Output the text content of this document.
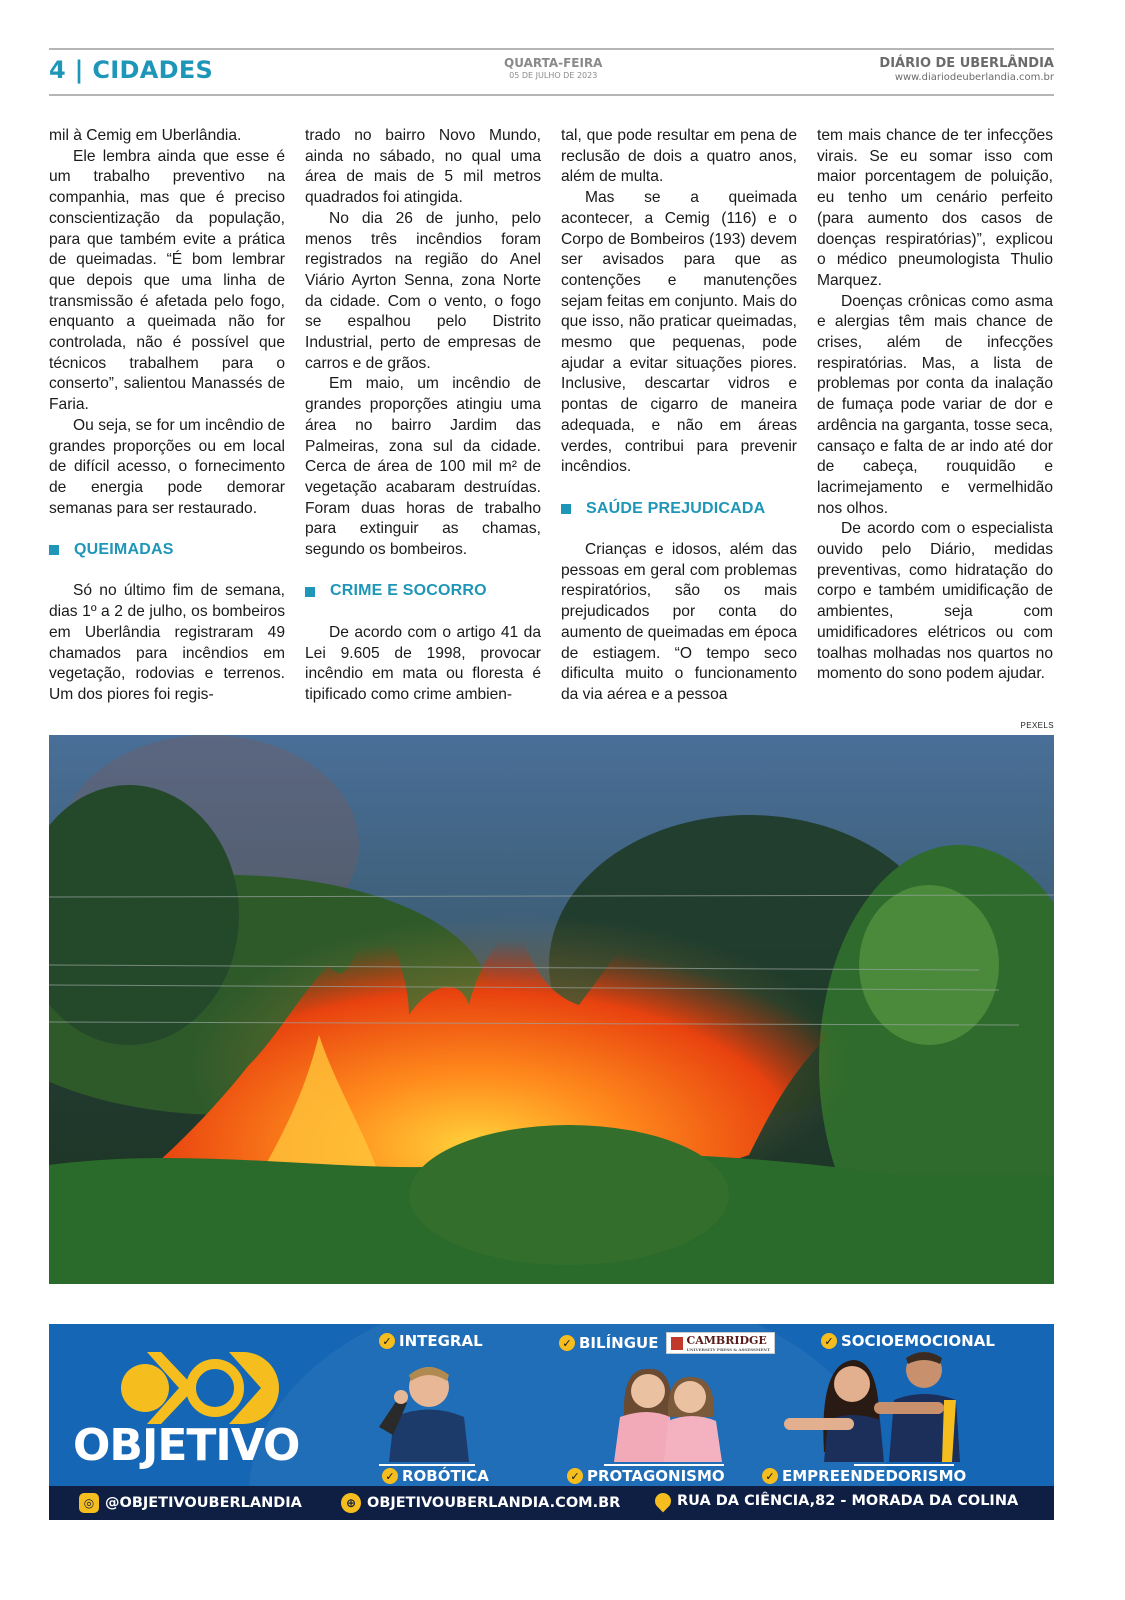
4 | CIDADES	QUARTA-FEIRA
05 DE JULHO DE 2023
DIÁRIO DE UBERLÂNDIA
www.diariodeuberlandia.com.br

mil à Cemig em Uberlândia.

Ele lembra ainda que esse é um trabalho preventivo na companhia, mas que é preciso conscientização da população, para que também evite a prática de queimadas. “É bom lembrar que depois que uma linha de transmissão é afetada pelo fogo, enquanto a queimada não for controlada, não é possível que técnicos trabalhem para o conserto”, salientou Manassés de Faria.

Ou seja, se for um incêndio de grandes proporções ou em local de difícil acesso, o fornecimento de energia pode demorar semanas para ser restaurado.

QUEIMADAS

Só no último fim de semana, dias 1º a 2 de julho, os bombeiros em Uberlândia registraram 49 chamados para incêndios em vegetação, rodovias e terrenos. Um dos piores foi regis-

trado no bairro Novo Mundo, ainda no sábado, no qual uma área de mais de 5 mil metros quadrados foi atingida.

No dia 26 de junho, pelo menos três incêndios foram registrados na região do Anel Viário Ayrton Senna, zona Norte da cidade. Com o vento, o fogo se espalhou pelo Distrito Industrial, perto de empresas de carros e de grãos.

Em maio, um incêndio de grandes proporções atingiu uma área no bairro Jardim das Palmeiras, zona sul da cidade. Cerca de área de 100 mil m² de vegetação acabaram destruídas. Foram duas horas de trabalho para extinguir as chamas, segundo os bombeiros.

CRIME E SOCORRO

De acordo com o artigo 41 da Lei 9.605 de 1998, provocar incêndio em mata ou floresta é tipificado como crime ambien-

tal, que pode resultar em pena de reclusão de dois a quatro anos, além de multa.

Mas se a queimada acontecer, a Cemig (116) e o Corpo de Bombeiros (193) devem ser avisados para que as contenções e manutenções sejam feitas em conjunto. Mais do que isso, não praticar queimadas, mesmo que pequenas, pode ajudar a evitar situações piores. Inclusive, descartar vidros e pontas de cigarro de maneira adequada, e não em áreas verdes, contribui para prevenir incêndios.

SAÚDE PREJUDICADA

Crianças e idosos, além das pessoas em geral com problemas respiratórios, são os mais prejudicados por conta do aumento de queimadas em época de estiagem. “O tempo seco dificulta muito o funcionamento da via aérea e a pessoa

tem mais chance de ter infecções virais. Se eu somar isso com maior porcentagem de poluição, eu tenho um cenário perfeito (para aumento dos casos de doenças respiratórias)”, explicou o médico pneumologista Thulio Marquez.

Doenças crônicas como asma e alergias têm mais chance de crises, além de infecções respiratórias. Mas, a lista de problemas por conta da inalação de fumaça pode variar de dor e ardência na garganta, tosse seca, cansaço e falta de ar indo até dor de cabeça, rouquidão e lacrimejamento e vermelhidão nos olhos.

De acordo com o especialista ouvido pelo Diário, medidas preventivas, como hidratação do corpo e também umidificação de ambientes, seja com umidificadores elétricos ou com toalhas molhadas nos quartos no momento do sono podem ajudar.

PEXELS
OBJETIVO
✓ INTEGRAL	✓ BILÍNGUE	CAMBRIDGE
UNIVERSITY PRESS & ASSESSMENT
✓ SOCIOEMOCIONAL
✓ ROBÓTICA	✓ PROTAGONISMO	✓ EMPREENDEDORISMO
◎ @OBJETIVOUBERLANDIA	⊕ OBJETIVOUBERLANDIA.COM.BR	RUA DA CIÊNCIA,82 - MORADA DA COLINA
